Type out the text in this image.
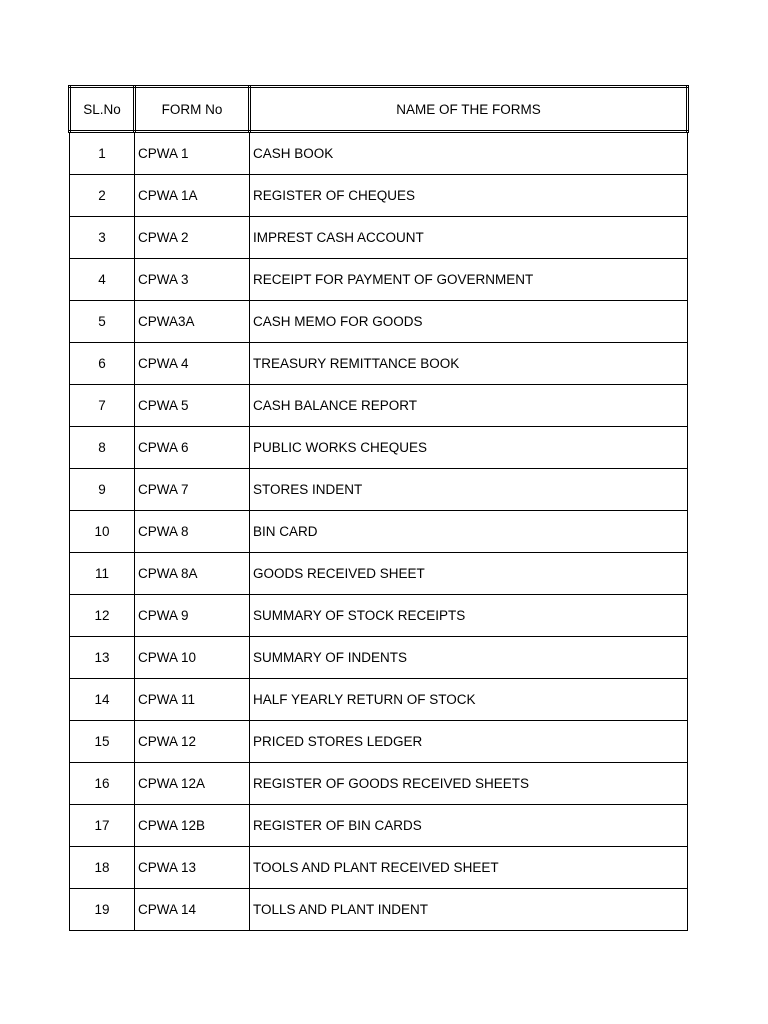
SL.No	FORM No	NAME OF THE FORMS
1	CPWA 1	CASH BOOK
2	CPWA 1A	REGISTER OF CHEQUES
3	CPWA 2	IMPREST CASH ACCOUNT
4	CPWA 3	RECEIPT FOR PAYMENT OF GOVERNMENT
5	CPWA3A	CASH MEMO FOR GOODS
6	CPWA 4	TREASURY REMITTANCE BOOK
7	CPWA 5	CASH BALANCE REPORT
8	CPWA 6	PUBLIC WORKS CHEQUES
9	CPWA 7	STORES INDENT
10	CPWA 8	BIN CARD
11	CPWA 8A	GOODS RECEIVED SHEET
12	CPWA 9	SUMMARY OF STOCK RECEIPTS
13	CPWA 10	SUMMARY OF INDENTS
14	CPWA 11	HALF YEARLY RETURN OF STOCK
15	CPWA 12	PRICED STORES LEDGER
16	CPWA 12A	REGISTER OF GOODS RECEIVED SHEETS
17	CPWA 12B	REGISTER OF BIN CARDS
18	CPWA 13	TOOLS AND PLANT RECEIVED SHEET
19	CPWA 14	TOLLS AND PLANT INDENT
